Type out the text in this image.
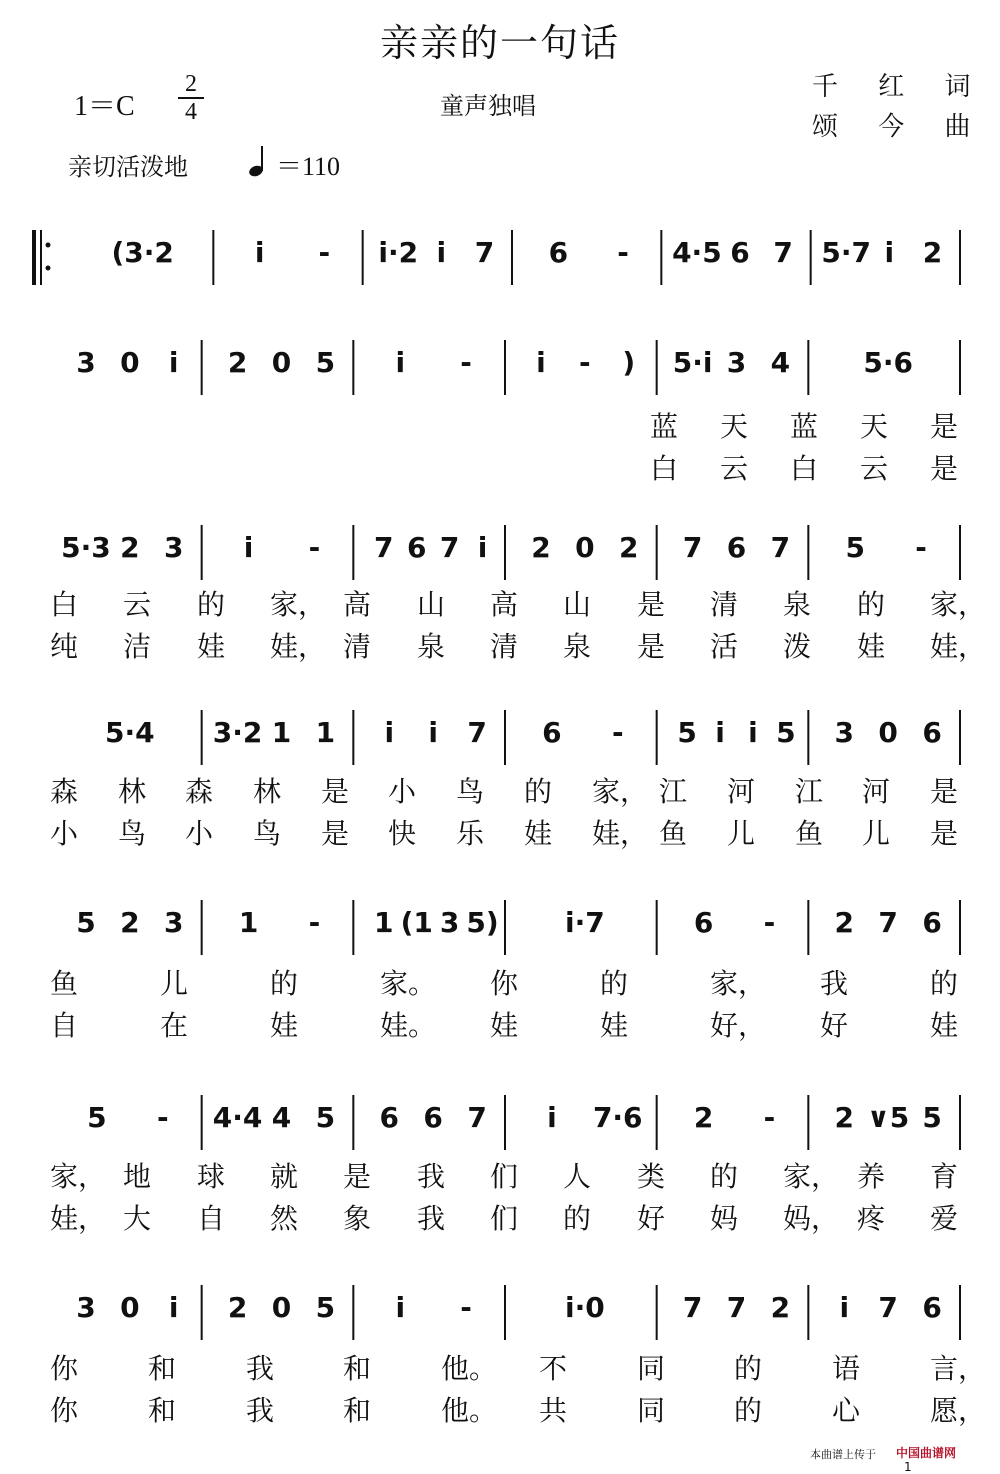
亲亲的一句话
1＝C
2
4	童声独唱
千 红 词
颂 今 曲
亲切活泼地	＝110
(3·2	i - i·2 i 7 6 - 4·5 6 7 5·7 i 2
3 0 i 2 0 5 i - i - ) 5·i 3 4	5·6
蓝 天 蓝 天 是
白 云 白 云 是
5·3 2 3 i - 7 6 7 i 2 0 2 7 6 7 5 -
白 云 的 家， 高 山 高 山 是 清 泉 的 家，
纯 洁 娃 娃， 清 泉 清 泉 是 活 泼 娃 娃，
5·4 3·2 1 1 i i 7 6 - 5 i i 5 3 0 6
森 林 森 林 是 小 鸟 的 家， 江 河 江 河 是
小 鸟 小 鸟 是 快 乐 娃 娃， 鱼 儿 鱼 儿 是
5 2 3 1 - 1 (1 3 5) i·7	6 - 2 7 6
鱼	儿	的	家。 你	的	家， 我	的
自	在	娃	娃。 娃	娃	好， 好	娃
5 - 4·4 4 5 6 6 7 i 7·6 2 - 2 ∨5 5
家， 地 球 就 是 我 们 人 类 的 家， 养 育
娃， 大 自 然 象 我 们 的 好 妈 妈， 疼 爱
3 0 i 2 0 5 i -	i·0	7 7 2 i 7 6
你 和 我 和 他。 不 同 的 语 言，
你 和 我 和 他。 共 同 的 心 愿，
本曲谱上传于 中国曲谱网
1
